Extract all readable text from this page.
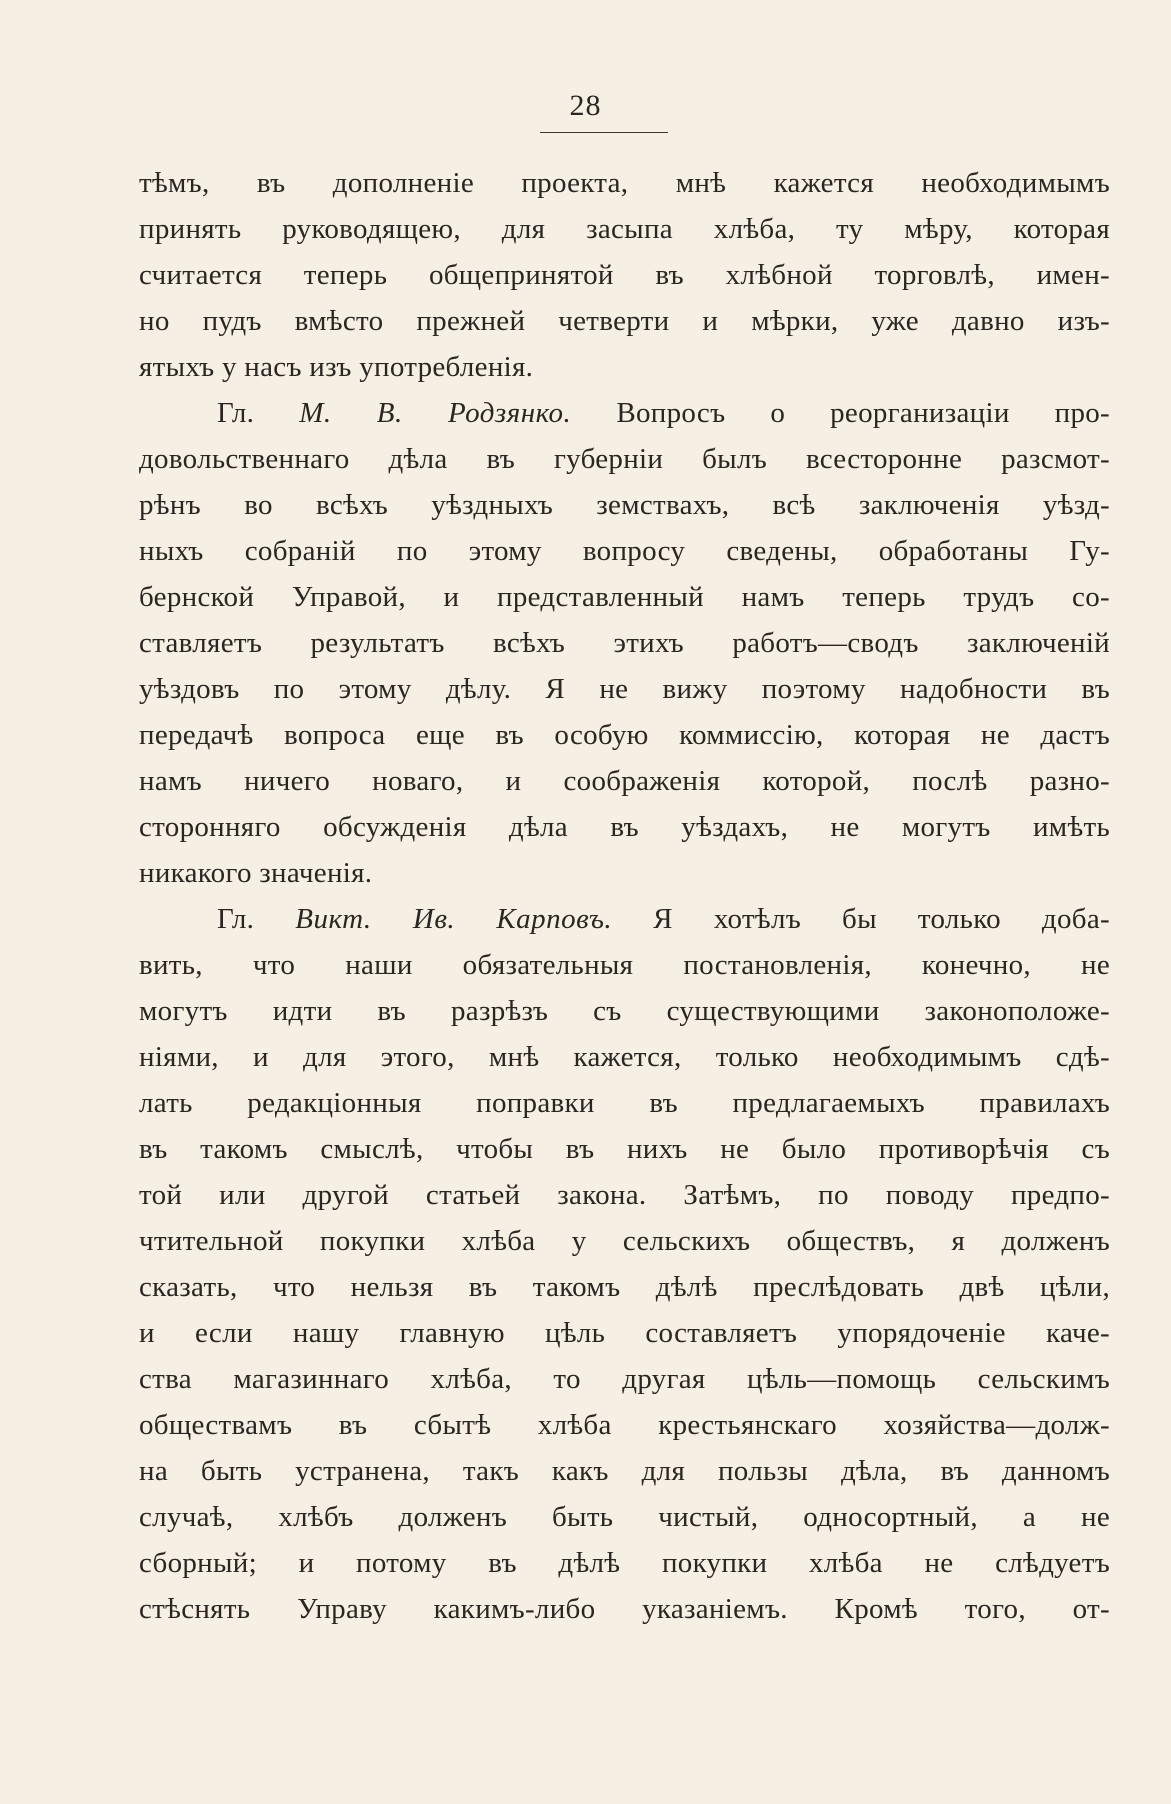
28
тѣмъ, въ дополненіе проекта, мнѣ кажется необходимымъ
принять руководящею, для засыпа хлѣба, ту мѣру, которая
считается теперь общепринятой въ хлѣбной торговлѣ, имен-
но пудъ вмѣсто прежней четверти и мѣрки, уже давно изъ-
ятыхъ у насъ изъ употребленія.
Гл. М. В. Родзянко. Вопросъ о реорганизаціи про-
довольственнаго дѣла въ губерніи былъ всесторонне разсмот-
рѣнъ во всѣхъ уѣздныхъ земствахъ, всѣ заключенія уѣзд-
ныхъ собраній по этому вопросу сведены, обработаны Гу-
бернской Управой, и представленный намъ теперь трудъ со-
ставляетъ результатъ всѣхъ этихъ работъ—сводъ заключеній
уѣздовъ по этому дѣлу. Я не вижу поэтому надобности въ
передачѣ вопроса еще въ особую коммиссію, которая не дастъ
намъ ничего новаго, и соображенія которой, послѣ разно-
сторонняго обсужденія дѣла въ уѣздахъ, не могутъ имѣть
никакого значенія.
Гл. Викт. Ив. Карповъ. Я хотѣлъ бы только доба-
вить, что наши обязательныя постановленія, конечно, не
могутъ идти въ разрѣзъ съ существующими законоположе-
ніями, и для этого, мнѣ кажется, только необходимымъ сдѣ-
лать редакціонныя поправки въ предлагаемыхъ правилахъ
въ такомъ смыслѣ, чтобы въ нихъ не было противорѣчія съ
той или другой статьей закона. Затѣмъ, по поводу предпо-
чтительной покупки хлѣба у сельскихъ обществъ, я долженъ
сказать, что нельзя въ такомъ дѣлѣ преслѣдовать двѣ цѣли,
и если нашу главную цѣль составляетъ упорядоченіе каче-
ства магазиннаго хлѣба, то другая цѣль—помощь сельскимъ
обществамъ въ сбытѣ хлѣба крестьянскаго хозяйства—долж-
на быть устранена, такъ какъ для пользы дѣла, въ данномъ
случаѣ, хлѣбъ долженъ быть чистый, односортный, а не
сборный; и потому въ дѣлѣ покупки хлѣба не слѣдуетъ
стѣснять Управу какимъ-либо указаніемъ. Кромѣ того, от-
